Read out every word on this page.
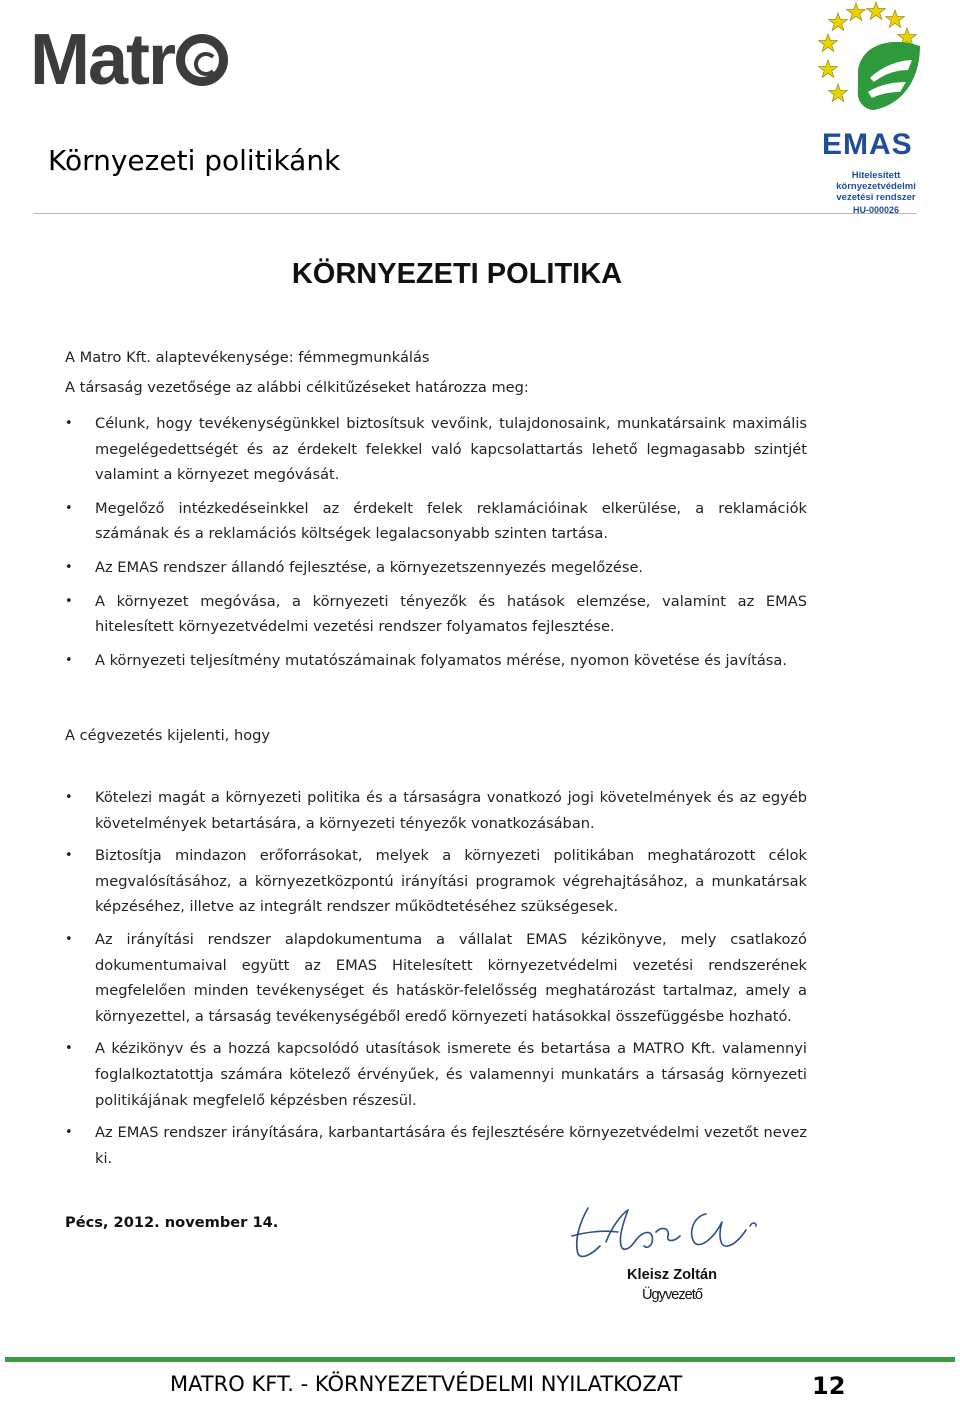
Matr
Környezeti politikánk	EMAS
Hitelesített környezetvédelmi vezetési rendszer
HU-000026
KÖRNYEZETI POLITIKA

A Matro Kft. alaptevékenysége: fémmegmunkálás

A társaság vezetősége az alábbi célkitűzéseket határozza meg:

• Célunk, hogy tevékenységünkkel biztosítsuk vevőink, tulajdonosaink, munkatársaink maximális megelégedettségét és az érdekelt felekkel való kapcsolattartás lehető legmagasabb szintjét valamint a környezet megóvását.
• Megelőző intézkedéseinkkel az érdekelt felek reklamációinak elkerülése, a reklamációk számának és a reklamációs költségek legalacsonyabb szinten tartása.
• Az EMAS rendszer állandó fejlesztése, a környezetszennyezés megelőzése.
• A környezet megóvása, a környezeti tényezők és hatások elemzése, valamint az EMAS hitelesített környezetvédelmi vezetési rendszer folyamatos fejlesztése.
• A környezeti teljesítmény mutatószámainak folyamatos mérése, nyomon követése és javítása.

A cégvezetés kijelenti, hogy

• Kötelezi magát a környezeti politika és a társaságra vonatkozó jogi követelmények és az egyéb követelmények betartására, a környezeti tényezők vonatkozásában.
• Biztosítja mindazon erőforrásokat, melyek a környezeti politikában meghatározott célok megvalósításához, a környezetközpontú irányítási programok végrehajtásához, a munkatársak képzéséhez, illetve az integrált rendszer működtetéséhez szükségesek.
• Az irányítási rendszer alapdokumentuma a vállalat EMAS kézikönyve, mely csatlakozó dokumentumaival együtt az EMAS Hitelesített környezetvédelmi vezetési rendszerének megfelelően minden tevékenységet és hatáskör-felelősség meghatározást tartalmaz, amely a környezettel, a társaság tevékenységéből eredő környezeti hatásokkal összefüggésbe hozható.
• A kézikönyv és a hozzá kapcsolódó utasítások ismerete és betartása a MATRO Kft. valamennyi foglalkoztatottja számára kötelező érvényűek, és valamennyi munkatárs a társaság környezeti politikájának megfelelő képzésben részesül.
• Az EMAS rendszer irányítására, karbantartására és fejlesztésére környezetvédelmi vezetőt nevez ki.

Pécs, 2012. november 14.

Kleisz Zoltán
Ügyvezető

MATRO KFT. - KÖRNYEZETVÉDELMI NYILATKOZAT	12
